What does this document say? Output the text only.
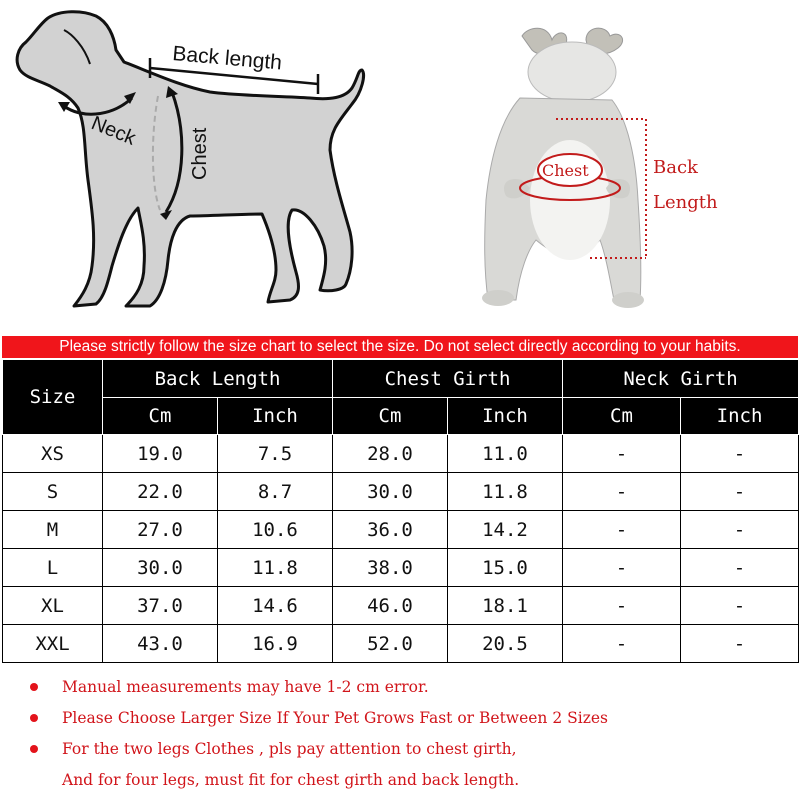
Back length
Neck	Chest	Back
Length
Chest
Please strictly follow the size chart to select the size. Do not select directly according to your habits.
Size	Back Length		Chest Girth		Neck Girth	
	Cm	Inch	Cm	Inch	Cm	Inch
XS	19.0	7.5	28.0	11.0	-	-
S	22.0	8.7	30.0	11.8	-	-
M	27.0	10.6	36.0	14.2	-	-
L	30.0	11.8	38.0	15.0	-	-
XL	37.0	14.6	46.0	18.1	-	-
XXL	43.0	16.9	52.0	20.5	-	-
Manual measurements may have 1-2 cm error.
Please Choose Larger Size If Your Pet Grows Fast or Between 2 Sizes
For the two legs Clothes , pls pay attention to chest girth,
And for four legs, must fit for chest girth and back length.
